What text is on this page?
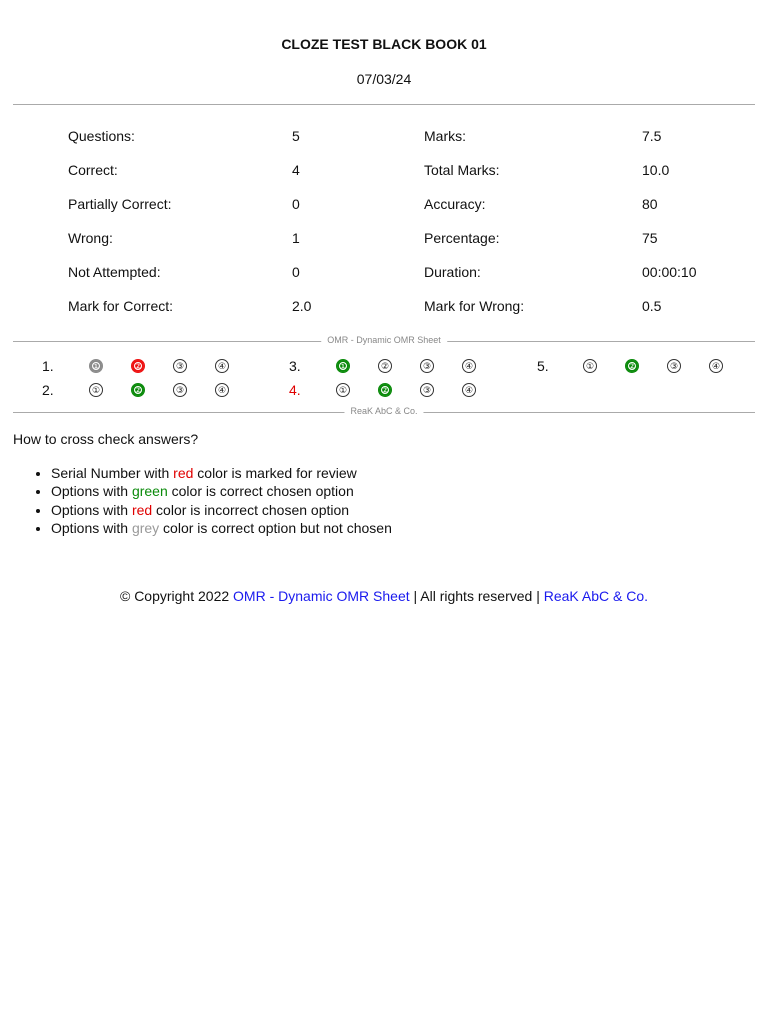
CLOZE TEST BLACK BOOK 01
07/03/24
Questions:	5	Marks:	7.5
Correct:	4	Total Marks:	10.0
Partially Correct:	0	Accuracy:	80
Wrong:	1	Percentage:	75
Not Attempted:	0	Duration:	00:00:10
Mark for Correct:	2.0	Mark for Wrong:	0.5
OMR - Dynamic OMR Sheet
1.	①	②	③	④
2.	①	②	③	④
3.	①	②	③	④
4.	①	②	③	④
5.	①	②	③	④
ReaK AbC & Co.
How to cross check answers?
• Serial Number with red color is marked for review
• Options with green color is correct chosen option
• Options with red color is incorrect chosen option
• Options with grey color is correct option but not chosen
© Copyright 2022 OMR - Dynamic OMR Sheet | All rights reserved | ReaK AbC & Co.
